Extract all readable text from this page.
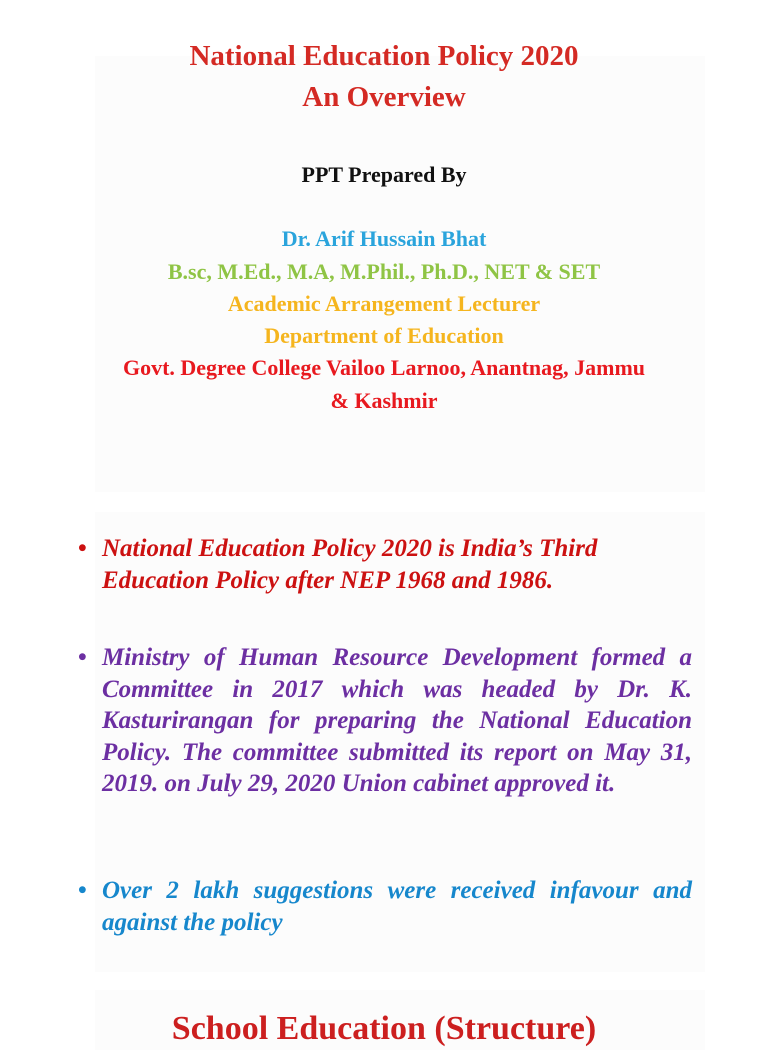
National Education Policy 2020
An Overview
PPT Prepared By
Dr. Arif Hussain Bhat
B.sc, M.Ed., M.A, M.Phil., Ph.D., NET & SET
Academic Arrangement Lecturer
Department of Education
Govt. Degree College Vailoo Larnoo, Anantnag, Jammu
& Kashmir
• National Education Policy 2020 is India’s Third Education Policy after NEP 1968 and 1986.
• Ministry of Human Resource Development formed a Committee in 2017 which was headed by Dr. K. Kasturirangan for preparing the National Education Policy. The committee submitted its report on May 31, 2019. on July 29, 2020 Union cabinet approved it.
• Over 2 lakh suggestions were received infavour and against the policy
School Education (Structure)
